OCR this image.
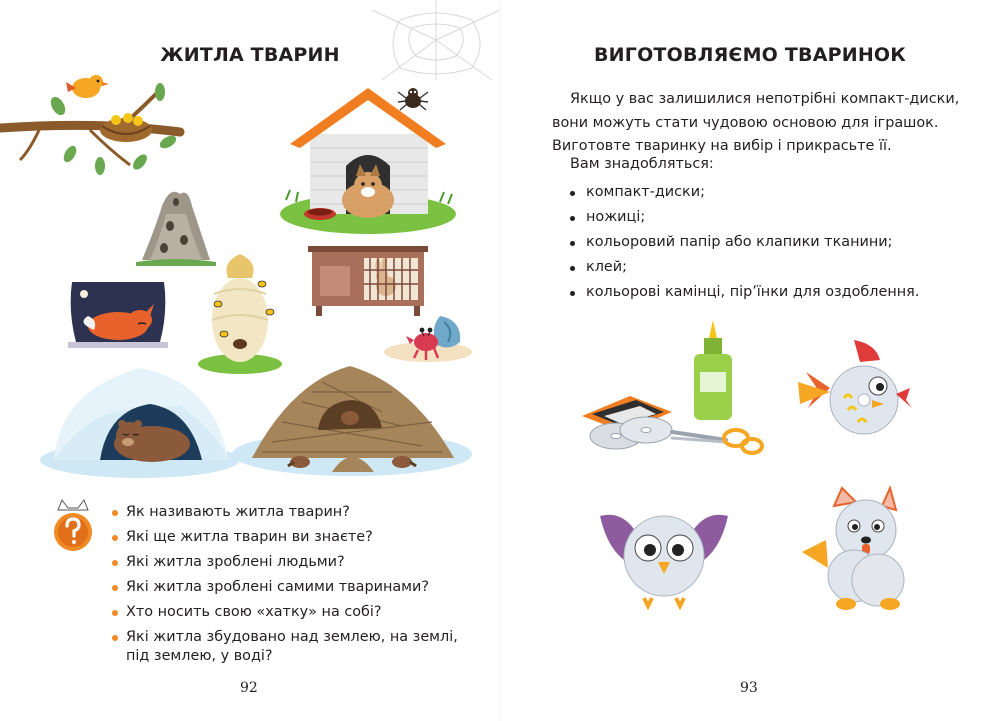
ЖИТЛА ТВАРИН
Як називають житла тварин?
Які ще житла тварин ви знаєте?
Які житла зроблені людьми?
Які житла зроблені самими тваринами?
Хто носить свою «хатку» на собі?
Які житла збудовано над землею, на землі, під землею, у воді?
92
ВИГОТОВЛЯЄМО ТВАРИНОК

Якщо у вас залишилися непотрібні компакт-диски, вони можуть стати чудовою основою для іграшок. Виготовте тваринку на вибір і прикрасьте її.

Вам знадобляться:
компакт-диски;
ножиці;
кольоровий папір або клапики тканини;
клей;
кольорові камінці, пір’їнки для оздоблення.
93
